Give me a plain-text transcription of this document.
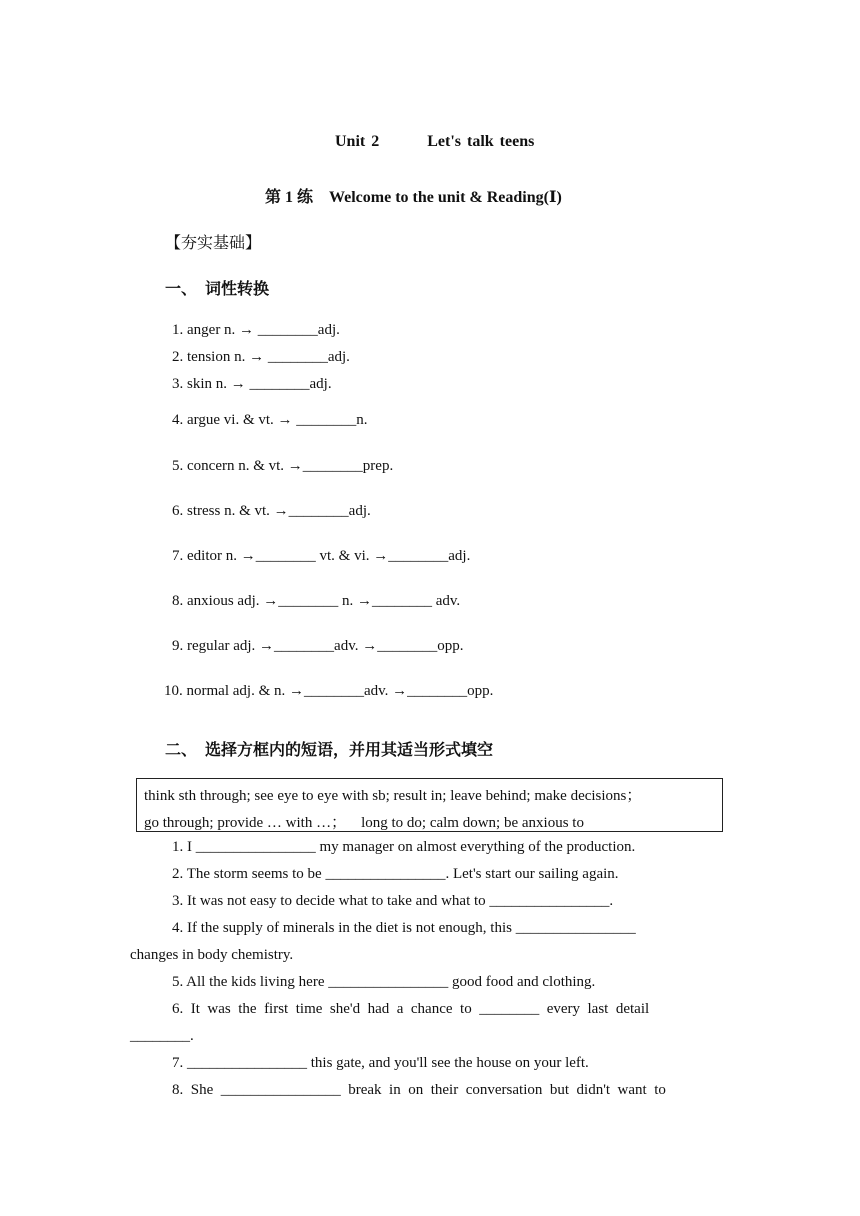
Unit 2        Let's talk teens
第 1 练    Welcome to the unit & Reading(Ⅰ)
【夯实基础】
一、  词性转换
1. anger n. → ________adj.
2. tension n. → ________adj.
3. skin n. → ________adj.
4. argue vi. & vt. → ________n.
5. concern n. & vt. →________prep.
6. stress n. & vt. →________adj.
7. editor n. →________ vt. & vi. →________adj.
8. anxious adj. →________ n. →________ adv.
9. regular adj. →________adv. →________opp.
10. normal adj. & n. →________adv. →________opp.
二、  选择方框内的短语，并用其适当形式填空
think sth through; see eye to eye with sb; result in; leave behind; make decisions；
go through; provide … with …；    long to do; calm down; be anxious to
1. I ________________ my manager on almost everything of the production.
2. The storm seems to be ________________. Let's start our sailing again.
3. It was not easy to decide what to take and what to ________________.
4. If the supply of minerals in the diet is not enough, this ________________
changes in body chemistry.
5. All the kids living here ________________ good food and clothing.
6.  It  was  the  first  time  she'd  had  a  chance  to  ________  every  last  detail
________.
7. ________________ this gate, and you'll see the house on your left.
8.  She  ________________  break  in  on  their  conversation  but  didn't  want  to
